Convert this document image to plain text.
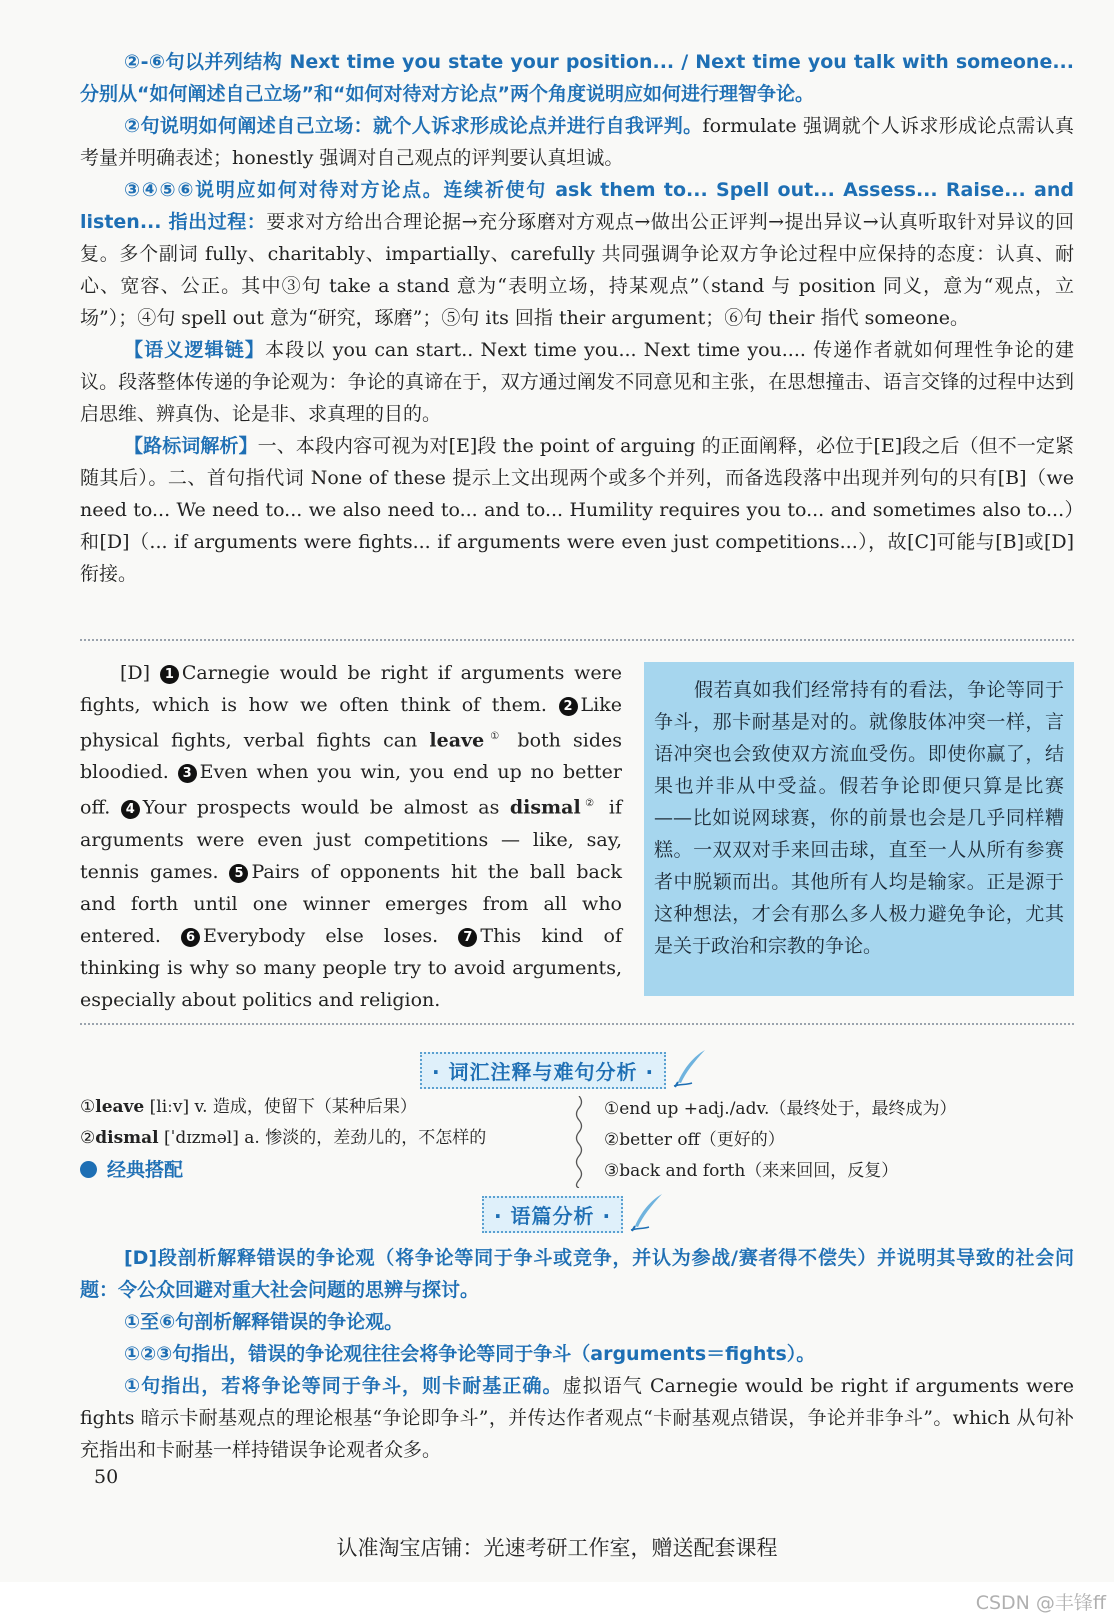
②-⑥句以并列结构 Next time you state your position... / Next time you talk with someone... 分别从“如何阐述自己立场”和“如何对待对方论点”两个角度说明应如何进行理智争论。

②句说明如何阐述自己立场：就个人诉求形成论点并进行自我评判。formulate 强调就个人诉求形成论点需认真考量并明确表述；honestly 强调对自己观点的评判要认真坦诚。

③④⑤⑥说明应如何对待对方论点。连续祈使句 ask them to... Spell out... Assess... Raise... and listen... 指出过程：要求对方给出合理论据→充分琢磨对方观点→做出公正评判→提出异议→认真听取针对异议的回复。多个副词 fully、charitably、impartially、carefully 共同强调争论双方争论过程中应保持的态度：认真、耐心、宽容、公正。其中③句 take a stand 意为“表明立场，持某观点”（stand 与 position 同义，意为“观点，立场”）；④句 spell out 意为“研究，琢磨”；⑤句 its 回指 their argument；⑥句 their 指代 someone。

【语义逻辑链】本段以 you can start.. Next time you... Next time you.... 传递作者就如何理性争论的建议。段落整体传递的争论观为：争论的真谛在于，双方通过阐发不同意见和主张，在思想撞击、语言交锋的过程中达到启思维、辨真伪、论是非、求真理的目的。

【路标词解析】一、本段内容可视为对[E]段 the point of arguing 的正面阐释，必位于[E]段之后（但不一定紧随其后）。二、首句指代词 None of these 提示上文出现两个或多个并列，而备选段落中出现并列句的只有[B]（we need to... We need to... we also need to... and to... Humility requires you to... and sometimes also to...）和[D]（... if arguments were fights... if arguments were even just competitions...），故[C]可能与[B]或[D]衔接。

[D] 1 Carnegie would be right if arguments were fights, which is how we often think of them. 2 Like physical fights, verbal fights can leave① both sides bloodied. 3 Even when you win, you end up no better off. 4 Your prospects would be almost as dismal② if arguments were even just competitions — like, say, tennis games. 5 Pairs of opponents hit the ball back and forth until one winner emerges from all who entered. 6 Everybody else loses. 7 This kind of thinking is why so many people try to avoid arguments, especially about politics and religion.
假若真如我们经常持有的看法，争论等同于争斗，那卡耐基是对的。就像肢体冲突一样，言语冲突也会致使双方流血受伤。即使你赢了，结果也并非从中受益。假若争论即便只算是比赛——比如说网球赛，你的前景也会是几乎同样糟糕。一双双对手来回击球，直至一人从所有参赛者中脱颖而出。其他所有人均是输家。正是源于这种想法，才会有那么多人极力避免争论，尤其是关于政治和宗教的争论。
· 词汇注释与难句分析 ·
①leave [liːv] v. 造成，使留下（某种后果）
②dismal [ˈdɪzməl] a. 惨淡的，差劲儿的，不怎样的
经典搭配
①end up +adj./adv.（最终处于，最终成为）
②better off（更好的）
③back and forth（来来回回，反复）
· 语篇分析 ·

[D]段剖析解释错误的争论观（将争论等同于争斗或竞争，并认为参战/赛者得不偿失）并说明其导致的社会问题：令公众回避对重大社会问题的思辨与探讨。

①至⑥句剖析解释错误的争论观。

①②③句指出，错误的争论观往往会将争论等同于争斗（arguments＝fights）。

①句指出，若将争论等同于争斗，则卡耐基正确。虚拟语气 Carnegie would be right if arguments were fights 暗示卡耐基观点的理论根基“争论即争斗”，并传达作者观点“卡耐基观点错误，争论并非争斗”。which 从句补充指出和卡耐基一样持错误争论观者众多。

50
认准淘宝店铺：光速考研工作室，赠送配套课程
CSDN @丰锋ff
